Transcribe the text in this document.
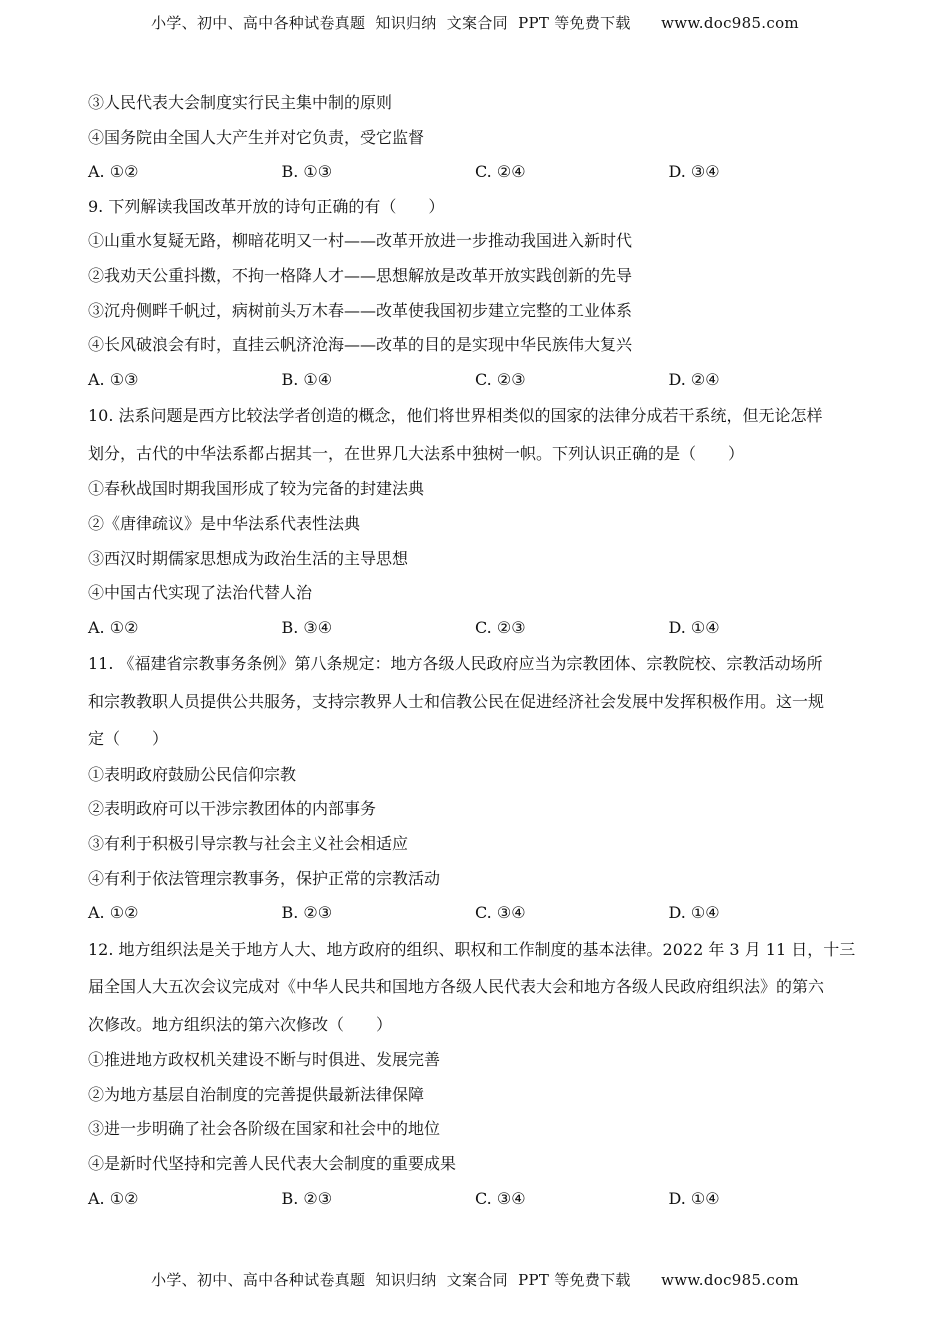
小学、初中、高中各种试卷真题  知识归纳  文案合同  PPT 等免费下载      www.doc985.com
③人民代表大会制度实行民主集中制的原则
④国务院由全国人大产生并对它负责，受它监督
A. ①②	B. ①③	C. ②④	D. ③④
9. 下列解读我国改革开放的诗句正确的有（　　）
①山重水复疑无路，柳暗花明又一村——改革开放进一步推动我国进入新时代
②我劝天公重抖擞，不拘一格降人才——思想解放是改革开放实践创新的先导
③沉舟侧畔千帆过，病树前头万木春——改革使我国初步建立完整的工业体系
④长风破浪会有时，直挂云帆济沧海——改革的目的是实现中华民族伟大复兴
A. ①③	B. ①④	C. ②③	D. ②④
10. 法系问题是西方比较法学者创造的概念，他们将世界相类似的国家的法律分成若干系统，但无论怎样
划分，古代的中华法系都占据其一，在世界几大法系中独树一帜。下列认识正确的是（　　）
①春秋战国时期我国形成了较为完备的封建法典
②《唐律疏议》是中华法系代表性法典
③西汉时期儒家思想成为政治生活的主导思想
④中国古代实现了法治代替人治
A. ①②	B. ③④	C. ②③	D. ①④
11. 《福建省宗教事务条例》第八条规定：地方各级人民政府应当为宗教团体、宗教院校、宗教活动场所
和宗教教职人员提供公共服务，支持宗教界人士和信教公民在促进经济社会发展中发挥积极作用。这一规
定（　　）
①表明政府鼓励公民信仰宗教
②表明政府可以干涉宗教团体的内部事务
③有利于积极引导宗教与社会主义社会相适应
④有利于依法管理宗教事务，保护正常的宗教活动
A. ①②	B. ②③	C. ③④	D. ①④
12. 地方组织法是关于地方人大、地方政府的组织、职权和工作制度的基本法律。2022 年 3 月 11 日，十三
届全国人大五次会议完成对《中华人民共和国地方各级人民代表大会和地方各级人民政府组织法》的第六
次修改。地方组织法的第六次修改（　　）
①推进地方政权机关建设不断与时俱进、发展完善
②为地方基层自治制度的完善提供最新法律保障
③进一步明确了社会各阶级在国家和社会中的地位
④是新时代坚持和完善人民代表大会制度的重要成果
A. ①②	B. ②③	C. ③④	D. ①④
小学、初中、高中各种试卷真题  知识归纳  文案合同  PPT 等免费下载      www.doc985.com
